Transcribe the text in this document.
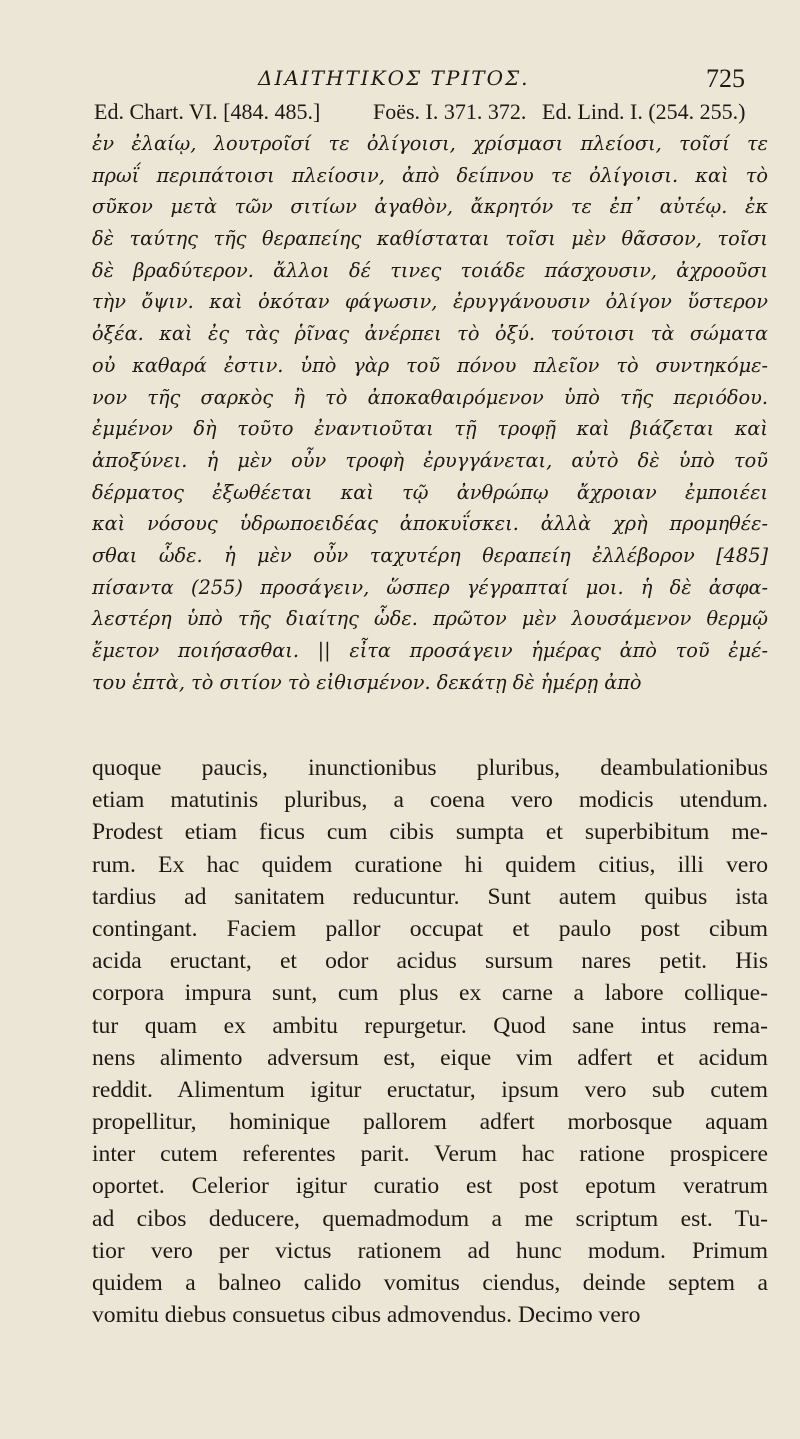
ΔΙΑΙΤΗΤΙΚΟΣ ΤΡΙΤΟΣ.	725
Ed. Chart. VI. [484. 485.] Foës. I. 371. 372. Ed. Lind. I. (254. 255.)
ἐν ἐλαίῳ, λουτροῖσί τε ὀλίγοισι, χρίσμασι πλείοσι, τοῖσί τε
πρωΐ περιπάτοισι πλείοσιν, ἀπὸ δείπνου τε ὀλίγοισι. καὶ τὸ
σῦκον μετὰ τῶν σιτίων ἀγαθὸν, ἄκρητόν τε ἐπ᾽ αὐτέῳ. ἐκ
δὲ ταύτης τῆς θεραπείης καθίσταται τοῖσι μὲν θᾶσσον, τοῖσι
δὲ βραδύτερον. ἄλλοι δέ τινες τοιάδε πάσχουσιν, ἀχροοῦσι
τὴν ὄψιν. καὶ ὁκόταν φάγωσιν, ἐρυγγάνουσιν ὀλίγον ὕστερον
ὀξέα. καὶ ἐς τὰς ῥῖνας ἀνέρπει τὸ ὀξύ. τούτοισι τὰ σώματα
οὐ καθαρά ἐστιν. ὑπὸ γὰρ τοῦ πόνου πλεῖον τὸ συντηκόμε-
νον τῆς σαρκὸς ἢ τὸ ἀποκαθαιρόμενον ὑπὸ τῆς περιόδου.
ἐμμένον δὴ τοῦτο ἐναντιοῦται τῇ τροφῇ καὶ βιάζεται καὶ
ἀποξύνει. ἡ μὲν οὖν τροφὴ ἐρυγγάνεται, αὐτὸ δὲ ὑπὸ τοῦ
δέρματος ἐξωθέεται καὶ τῷ ἀνθρώπῳ ἄχροιαν ἐμποιέει
καὶ νόσους ὑδρωποειδέας ἀποκυΐσκει. ἀλλὰ χρὴ προμηθέε-
σθαι ὧδε. ἡ μὲν οὖν ταχυτέρη θεραπείη ἐλλέβορον [485]
πίσαντα (255) προσάγειν, ὥσπερ γέγραπταί μοι. ἡ δὲ ἀσφα-
λεστέρη ὑπὸ τῆς διαίτης ὧδε. πρῶτον μὲν λουσάμενον θερμῷ
ἔμετον ποιήσασθαι. || εἶτα προσάγειν ἡμέρας ἀπὸ τοῦ ἐμέ-
του ἑπτὰ, τὸ σιτίον τὸ εἰθισμένον. δεκάτῃ δὲ ἡμέρῃ ἀπὸ
quoque paucis, inunctionibus pluribus, deambulationibus
etiam matutinis pluribus, a coena vero modicis utendum.
Prodest etiam ficus cum cibis sumpta et superbibitum me-
rum. Ex hac quidem curatione hi quidem citius, illi vero
tardius ad sanitatem reducuntur. Sunt autem quibus ista
contingant. Faciem pallor occupat et paulo post cibum
acida eructant, et odor acidus sursum nares petit. His
corpora impura sunt, cum plus ex carne a labore collique-
tur quam ex ambitu repurgetur. Quod sane intus rema-
nens alimento adversum est, eique vim adfert et acidum
reddit. Alimentum igitur eructatur, ipsum vero sub cutem
propellitur, hominique pallorem adfert morbosque aquam
inter cutem referentes parit. Verum hac ratione prospicere
oportet. Celerior igitur curatio est post epotum veratrum
ad cibos deducere, quemadmodum a me scriptum est. Tu-
tior vero per victus rationem ad hunc modum. Primum
quidem a balneo calido vomitus ciendus, deinde septem a
vomitu diebus consuetus cibus admovendus. Decimo vero
